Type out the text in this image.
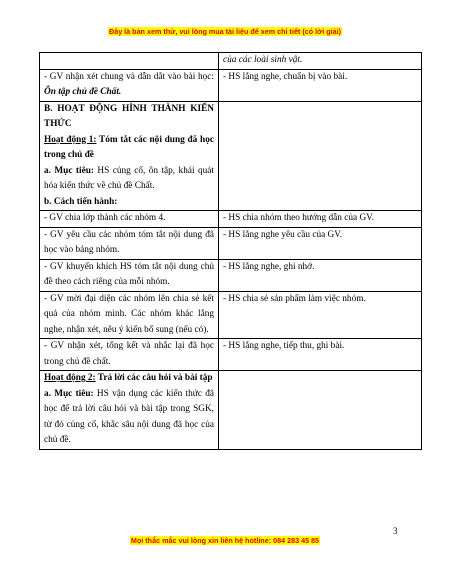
Đây là bản xem thử, vui lòng mua tài liệu để xem chi tiết (có lời giải)

	của các loài sinh vật.

- GV nhận xét chung và dẫn dắt vào bài học: Ôn tập chủ đề Chất.	- HS lắng nghe, chuẩn bị vào bài.

B. HOẠT ĐỘNG HÌNH THÀNH KIẾN THỨC

Hoạt động 1: Tóm tắt các nội dung đã học trong chủ đề

a. Mục tiêu: HS củng cố, ôn tập, khái quát hóa kiến thức về chủ đề Chất.

b. Cách tiến hành:	

- GV chia lớp thành các nhóm 4.	- HS chia nhóm theo hướng dẫn của GV.

- GV yêu cầu các nhóm tóm tắt nội dung đã học vào bảng nhóm.	- HS lắng nghe yêu cầu của GV.

- GV khuyến khích HS tóm tắt nội dung chủ đề theo cách riêng của mỗi nhóm.	- HS lắng nghe, ghi nhớ.

- GV mời đại diện các nhóm lên chia sẻ kết quả của nhóm mình. Các nhóm khác lắng nghe, nhận xét, nêu ý kiến bổ sung (nếu có).	- HS chia sẻ sản phẩm làm việc nhóm.

- GV nhận xét, tổng kết và nhắc lại đã học trong chủ đề chất.	- HS lắng nghe, tiếp thu, ghi bài.

Hoạt động 2: Trả lời các câu hỏi và bài tập

a. Mục tiêu: HS vận dụng các kiến thức đã học để trả lời câu hỏi và bài tập trong SGK, từ đó củng cố, khắc sâu nội dung đã học của chủ đề.	

3
Mọi thắc mắc vui lòng xin liên hệ hotline: 084 283 45 85
